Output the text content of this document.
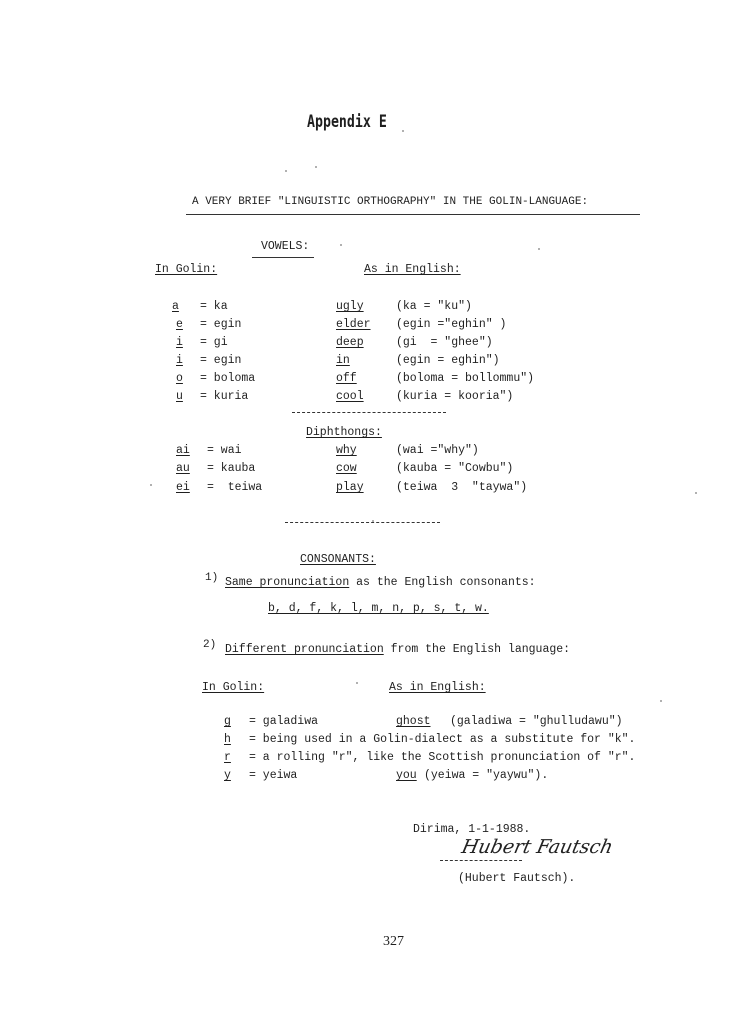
Appendix E
A VERY BRIEF "LINGUISTIC ORTHOGRAPHY" IN THE GOLIN-LANGUAGE:
VOWELS:
In Golin:	As in English:
a = ka	ugly	(ka = "ku")
e = egin	elder (egin ="eghin" )
i = gi	deep	(gi  = "ghee")
i = egin	in	(egin = eghin")
o = boloma	off	(boloma = bollommu")
u = kuria	cool	(kuria = kooria")
Diphthongs:
ai = wai	why	(wai ="why")
au = kauba	cow	(kauba = "Cowbu")
ei =  teiwa	play	(teiwa  3  "taywa")
CONSONANTS:
1) Same pronunciation as the English consonants:
b, d, f, k, l, m, n, p, s, t, w.
2) Different pronunciation from the English language:
In Golin:	As in English:
g = galadiwa	ghost (galadiwa = "ghulludawu")
h = being used in a Golin-dialect as a substitute for "k".
r = a rolling "r", like the Scottish pronunciation of "r".
y = yeiwa	you (yeiwa = "yaywu").
Dirima, 1-1-1988.
Hubert Fautsch
(Hubert Fautsch).
327
